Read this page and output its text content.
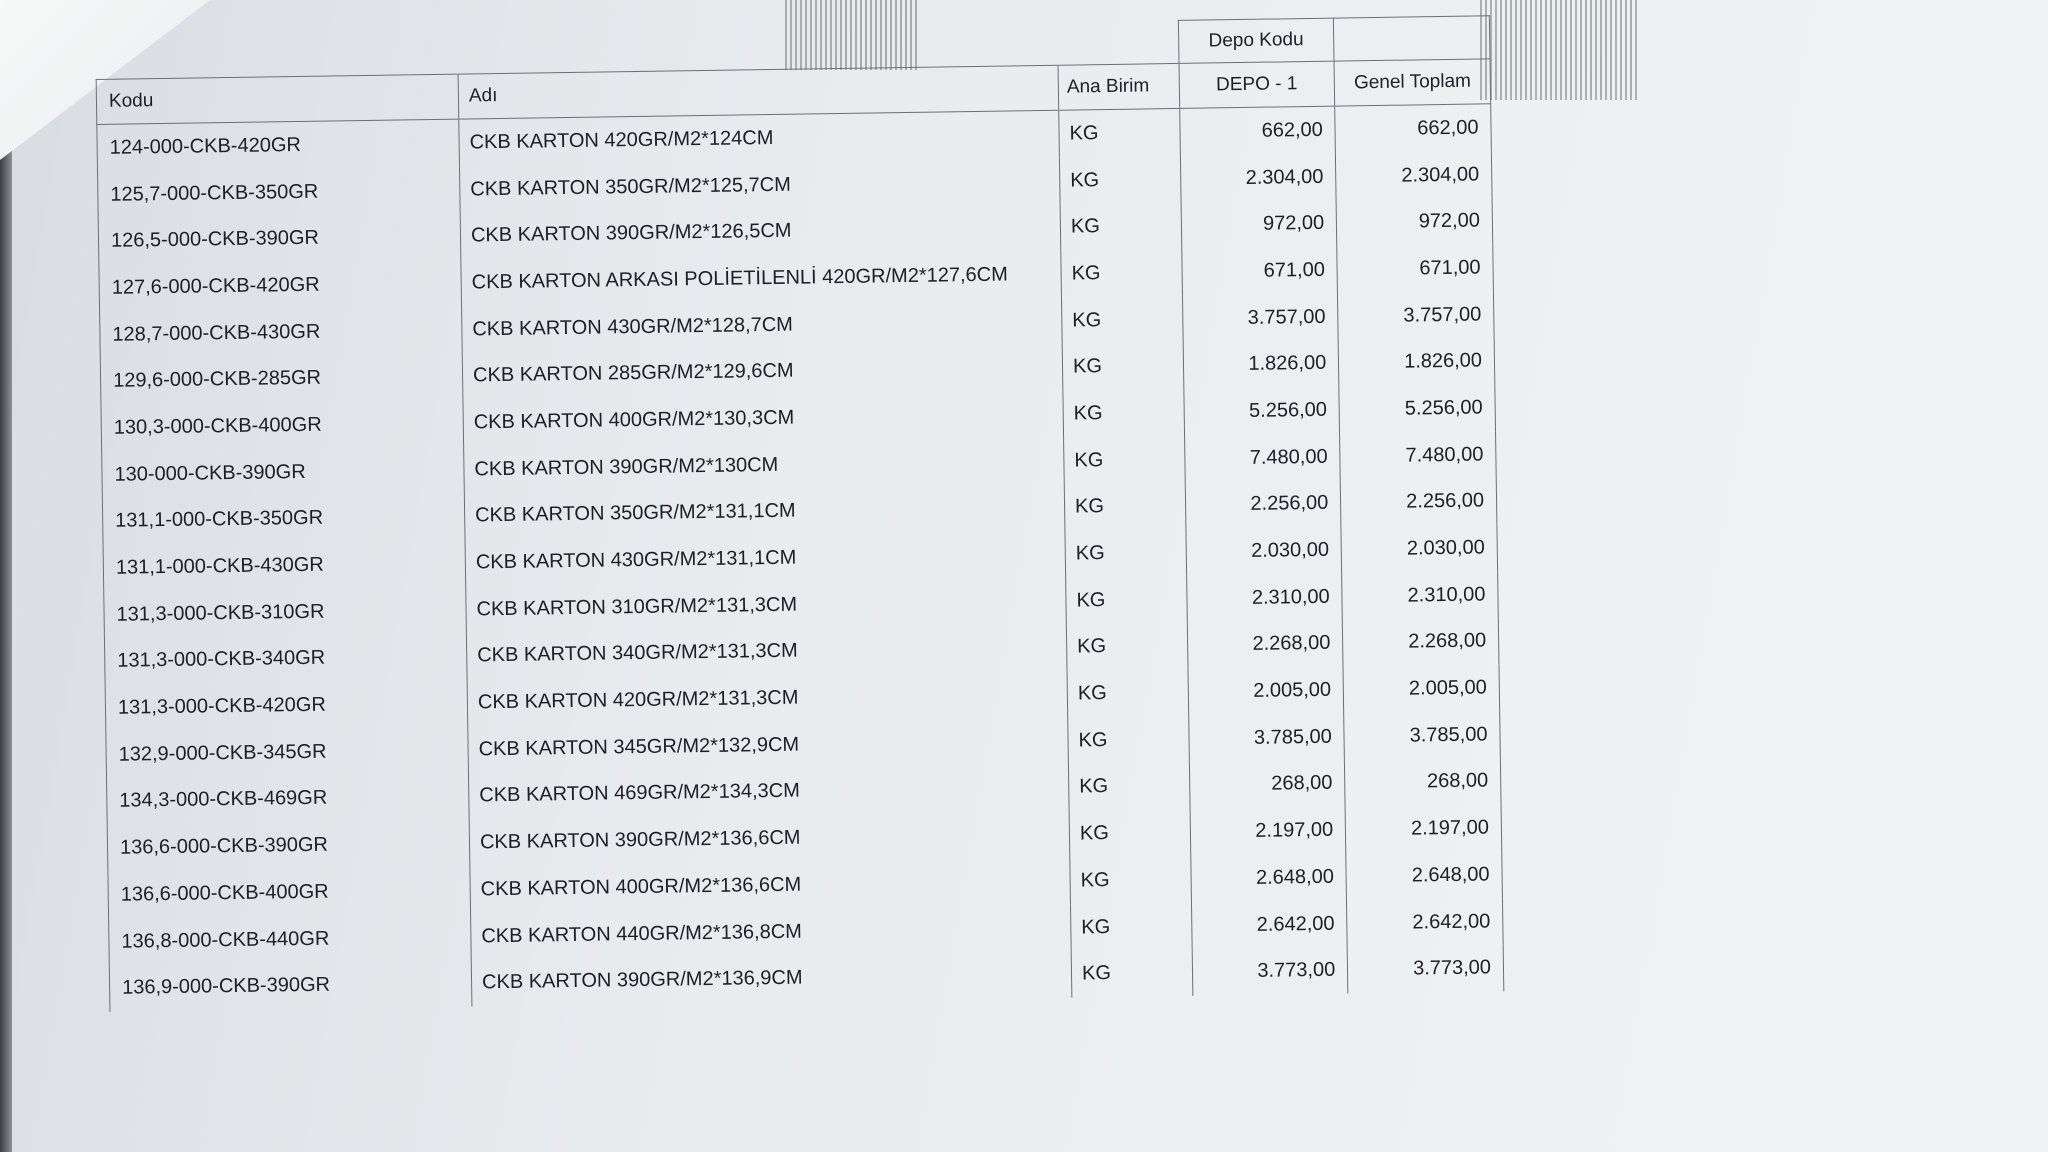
			Depo Kodu	
Kodu	Adı	Ana Birim	DEPO - 1	Genel Toplam
124-000-CKB-420GR	CKB KARTON 420GR/M2*124CM	KG	662,00	662,00
125,7-000-CKB-350GR	CKB KARTON 350GR/M2*125,7CM	KG	2.304,00	2.304,00
126,5-000-CKB-390GR	CKB KARTON 390GR/M2*126,5CM	KG	972,00	972,00
127,6-000-CKB-420GR	CKB KARTON ARKASI POLİETİLENLİ 420GR/M2*127,6CM	KG	671,00	671,00
128,7-000-CKB-430GR	CKB KARTON 430GR/M2*128,7CM	KG	3.757,00	3.757,00
129,6-000-CKB-285GR	CKB KARTON 285GR/M2*129,6CM	KG	1.826,00	1.826,00
130,3-000-CKB-400GR	CKB KARTON 400GR/M2*130,3CM	KG	5.256,00	5.256,00
130-000-CKB-390GR	CKB KARTON 390GR/M2*130CM	KG	7.480,00	7.480,00
131,1-000-CKB-350GR	CKB KARTON 350GR/M2*131,1CM	KG	2.256,00	2.256,00
131,1-000-CKB-430GR	CKB KARTON 430GR/M2*131,1CM	KG	2.030,00	2.030,00
131,3-000-CKB-310GR	CKB KARTON 310GR/M2*131,3CM	KG	2.310,00	2.310,00
131,3-000-CKB-340GR	CKB KARTON 340GR/M2*131,3CM	KG	2.268,00	2.268,00
131,3-000-CKB-420GR	CKB KARTON 420GR/M2*131,3CM	KG	2.005,00	2.005,00
132,9-000-CKB-345GR	CKB KARTON 345GR/M2*132,9CM	KG	3.785,00	3.785,00
134,3-000-CKB-469GR	CKB KARTON 469GR/M2*134,3CM	KG	268,00	268,00
136,6-000-CKB-390GR	CKB KARTON 390GR/M2*136,6CM	KG	2.197,00	2.197,00
136,6-000-CKB-400GR	CKB KARTON 400GR/M2*136,6CM	KG	2.648,00	2.648,00
136,8-000-CKB-440GR	CKB KARTON 440GR/M2*136,8CM	KG	2.642,00	2.642,00
136,9-000-CKB-390GR	CKB KARTON 390GR/M2*136,9CM	KG	3.773,00	3.773,00
